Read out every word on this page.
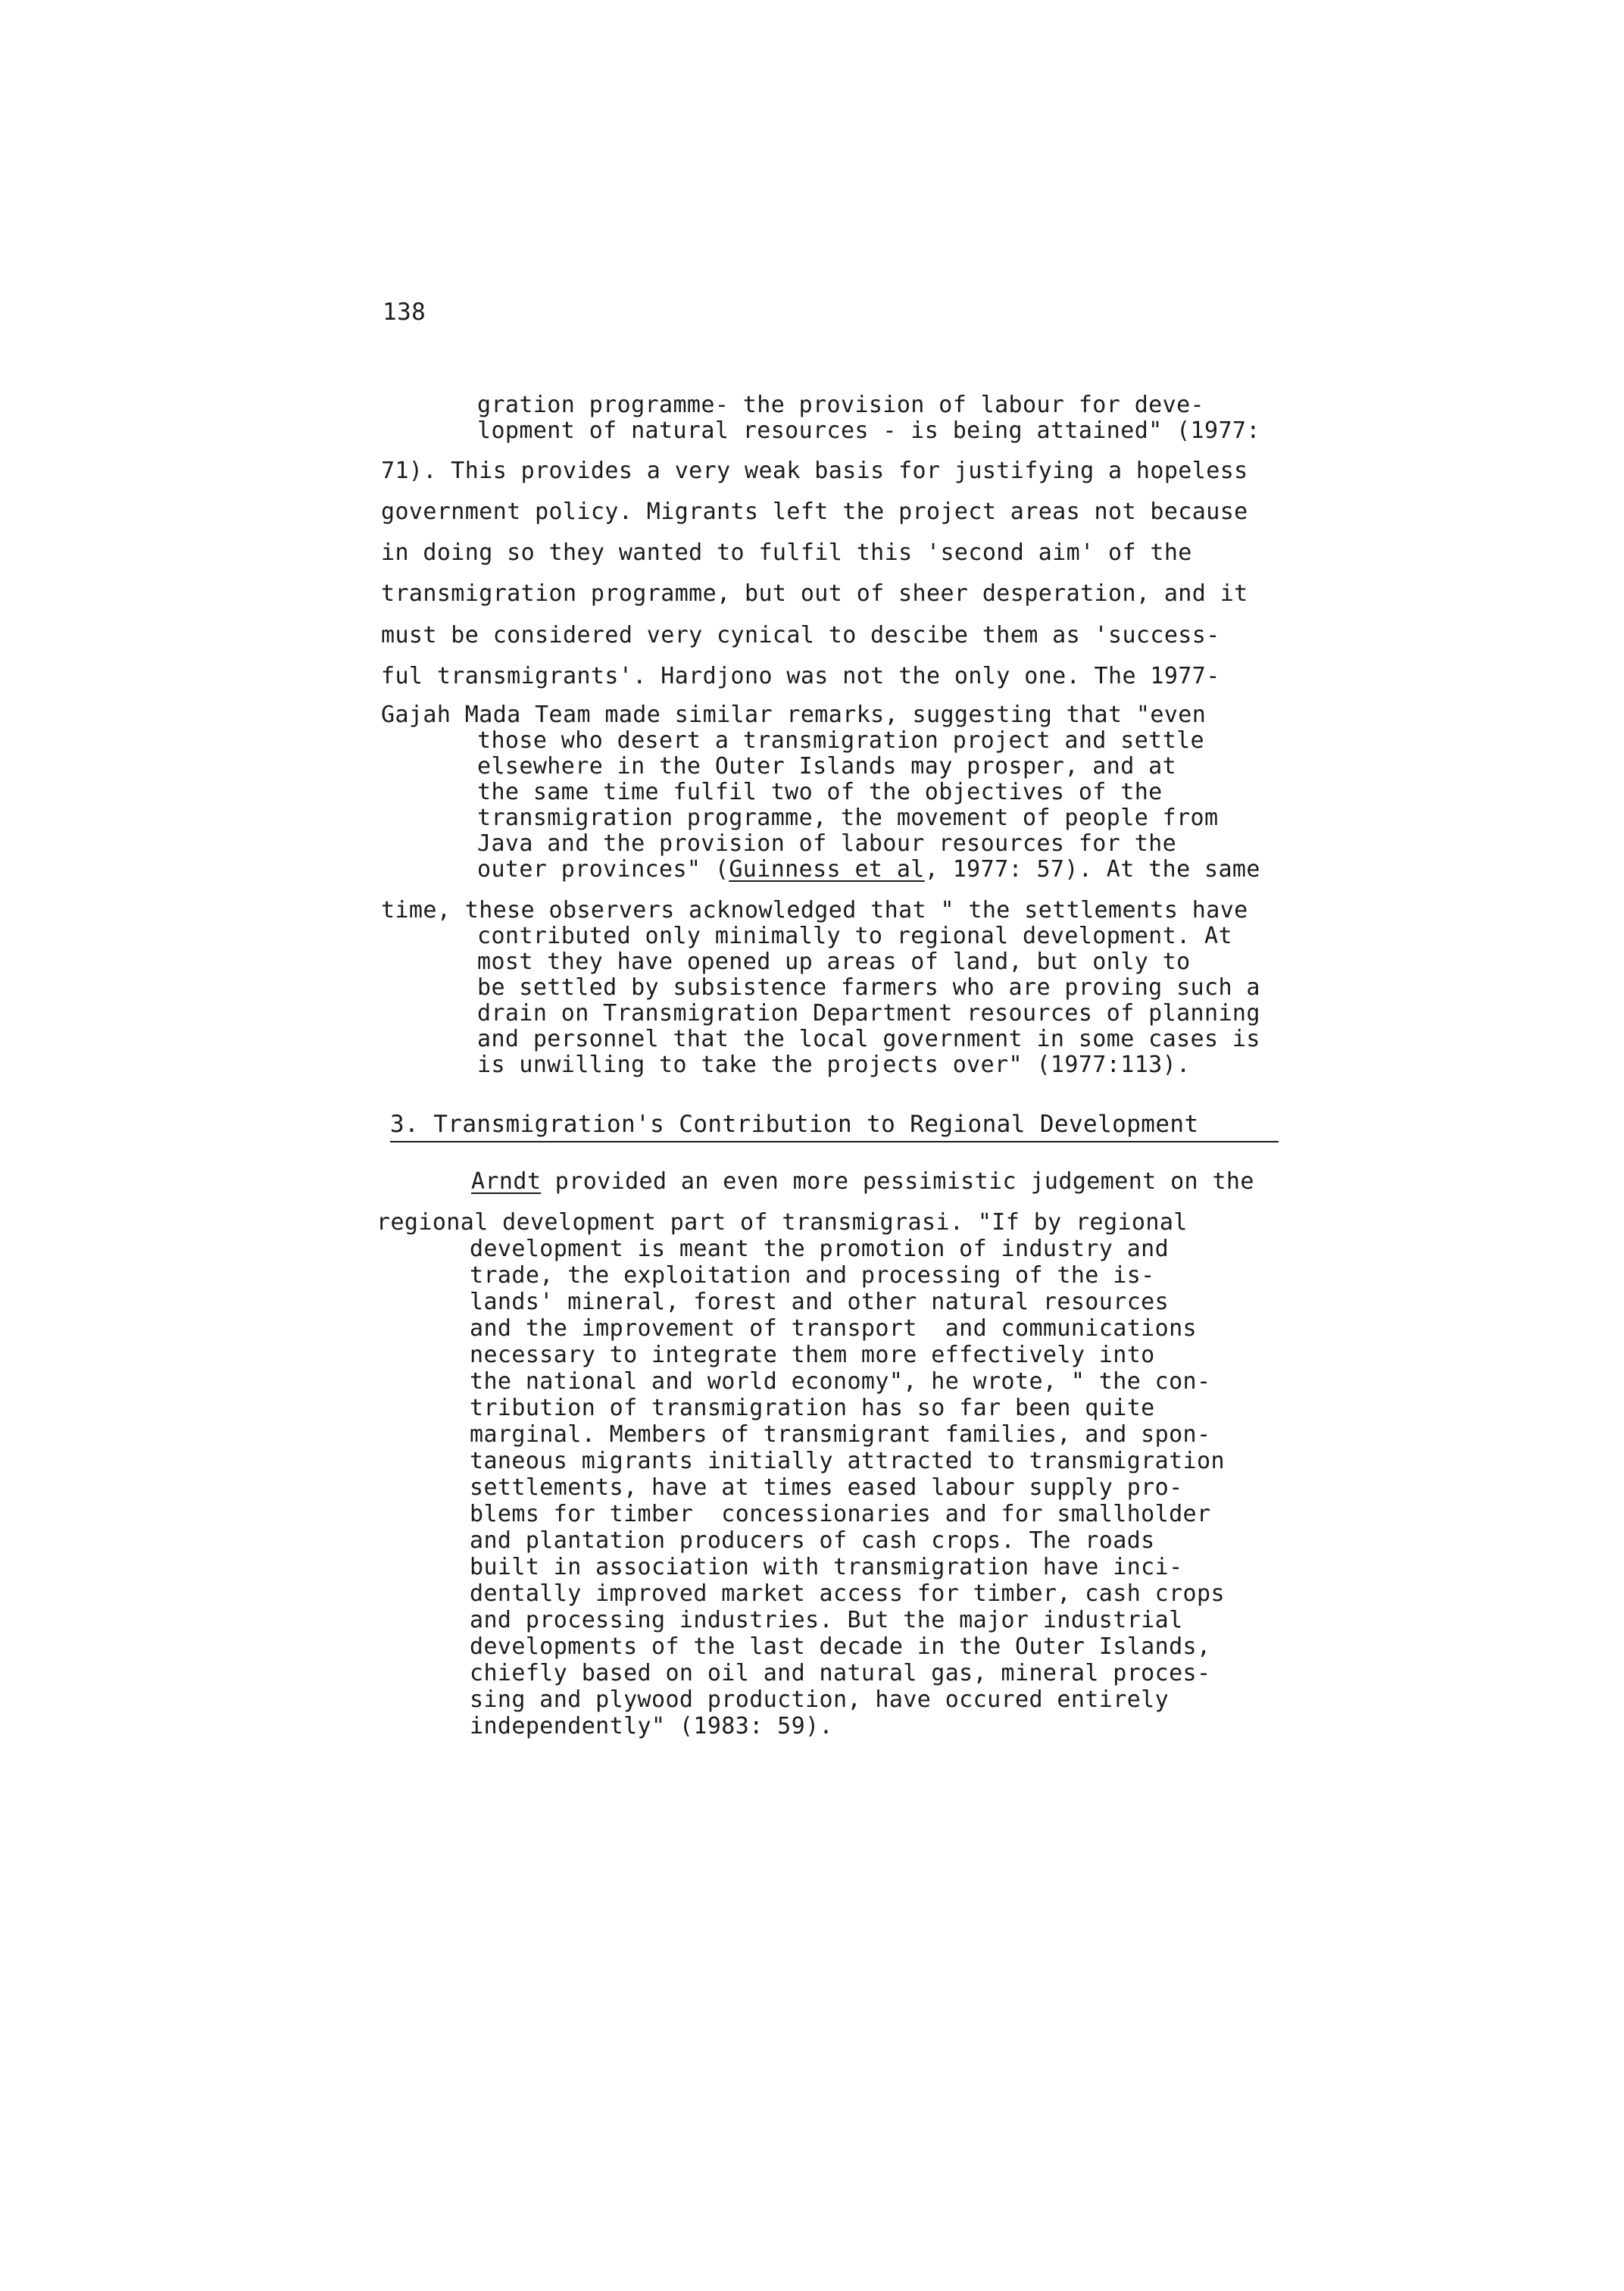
138
gration programme- the provision of labour for deve-
lopment of natural resources - is being attained" (1977:
71). This provides a very weak basis for justifying a hopeless
government policy. Migrants left the project areas not because
in doing so they wanted to fulfil this 'second aim' of the
transmigration programme, but out of sheer desperation, and it
must be considered very cynical to descibe them as 'success-
ful transmigrants'. Hardjono was not the only one. The 1977-
Gajah Mada Team made similar remarks, suggesting that "even
those who desert a transmigration project and settle
elsewhere in the Outer Islands may prosper, and at
the same time fulfil two of the objectives of the
transmigration programme, the movement of people from
Java and the provision of labour resources for the
outer provinces" (Guinness et al, 1977: 57). At the same
time, these observers acknowledged that " the settlements have
contributed only minimally to regional development. At
most they have opened up areas of land, but only to
be settled by subsistence farmers who are proving such a
drain on Transmigration Department resources of planning
and personnel that the local government in some cases is
is unwilling to take the projects over" (1977:113).
3. Transmigration's Contribution to Regional Development
Arndt provided an even more pessimistic judgement on the
regional development part of transmigrasi. "If by regional
development is meant the promotion of industry and
trade, the exploitation and processing of the is-
lands' mineral, forest and other natural resources
and the improvement of transport  and communications
necessary to integrate them more effectively into
the national and world economy", he wrote, " the con-
tribution of transmigration has so far been quite
marginal. Members of transmigrant families, and spon-
taneous migrants initially attracted to transmigration
settlements, have at times eased labour supply pro-
blems for timber  concessionaries and for smallholder
and plantation producers of cash crops. The roads
built in association with transmigration have inci-
dentally improved market access for timber, cash crops
and processing industries. But the major industrial
developments of the last decade in the Outer Islands,
chiefly based on oil and natural gas, mineral proces-
sing and plywood production, have occured entirely
independently" (1983: 59).
